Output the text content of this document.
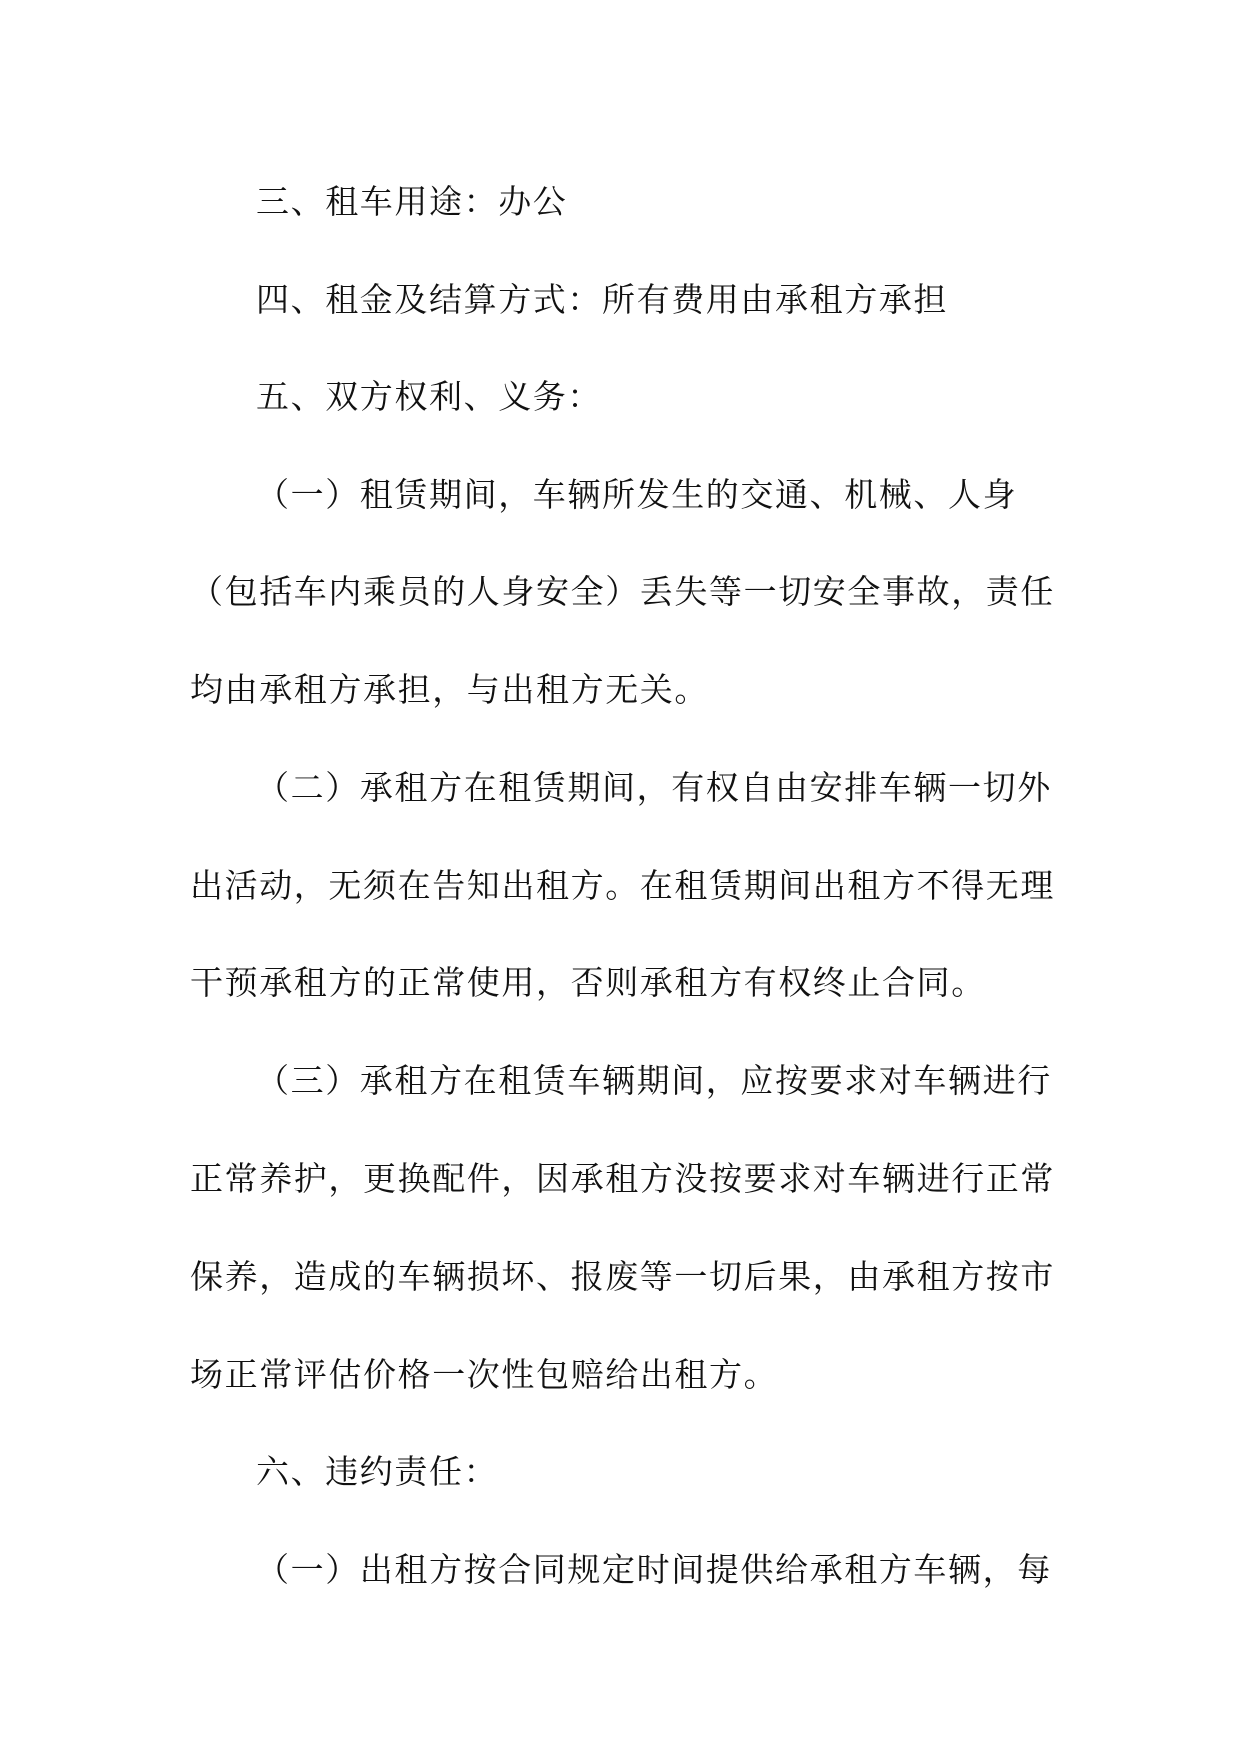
三、租车用途：办公

四、租金及结算方式：所有费用由承租方承担

五、双方权利、义务：

（一）租赁期间，车辆所发生的交通、机械、人身

（包括车内乘员的人身安全）丢失等一切安全事故，责任

均由承租方承担，与出租方无关。

（二）承租方在租赁期间，有权自由安排车辆一切外

出活动，无须在告知出租方。在租赁期间出租方不得无理

干预承租方的正常使用，否则承租方有权终止合同。

（三）承租方在租赁车辆期间，应按要求对车辆进行

正常养护，更换配件，因承租方没按要求对车辆进行正常

保养，造成的车辆损坏、报废等一切后果，由承租方按市

场正常评估价格一次性包赔给出租方。

六、违约责任：

（一）出租方按合同规定时间提供给承租方车辆，每
